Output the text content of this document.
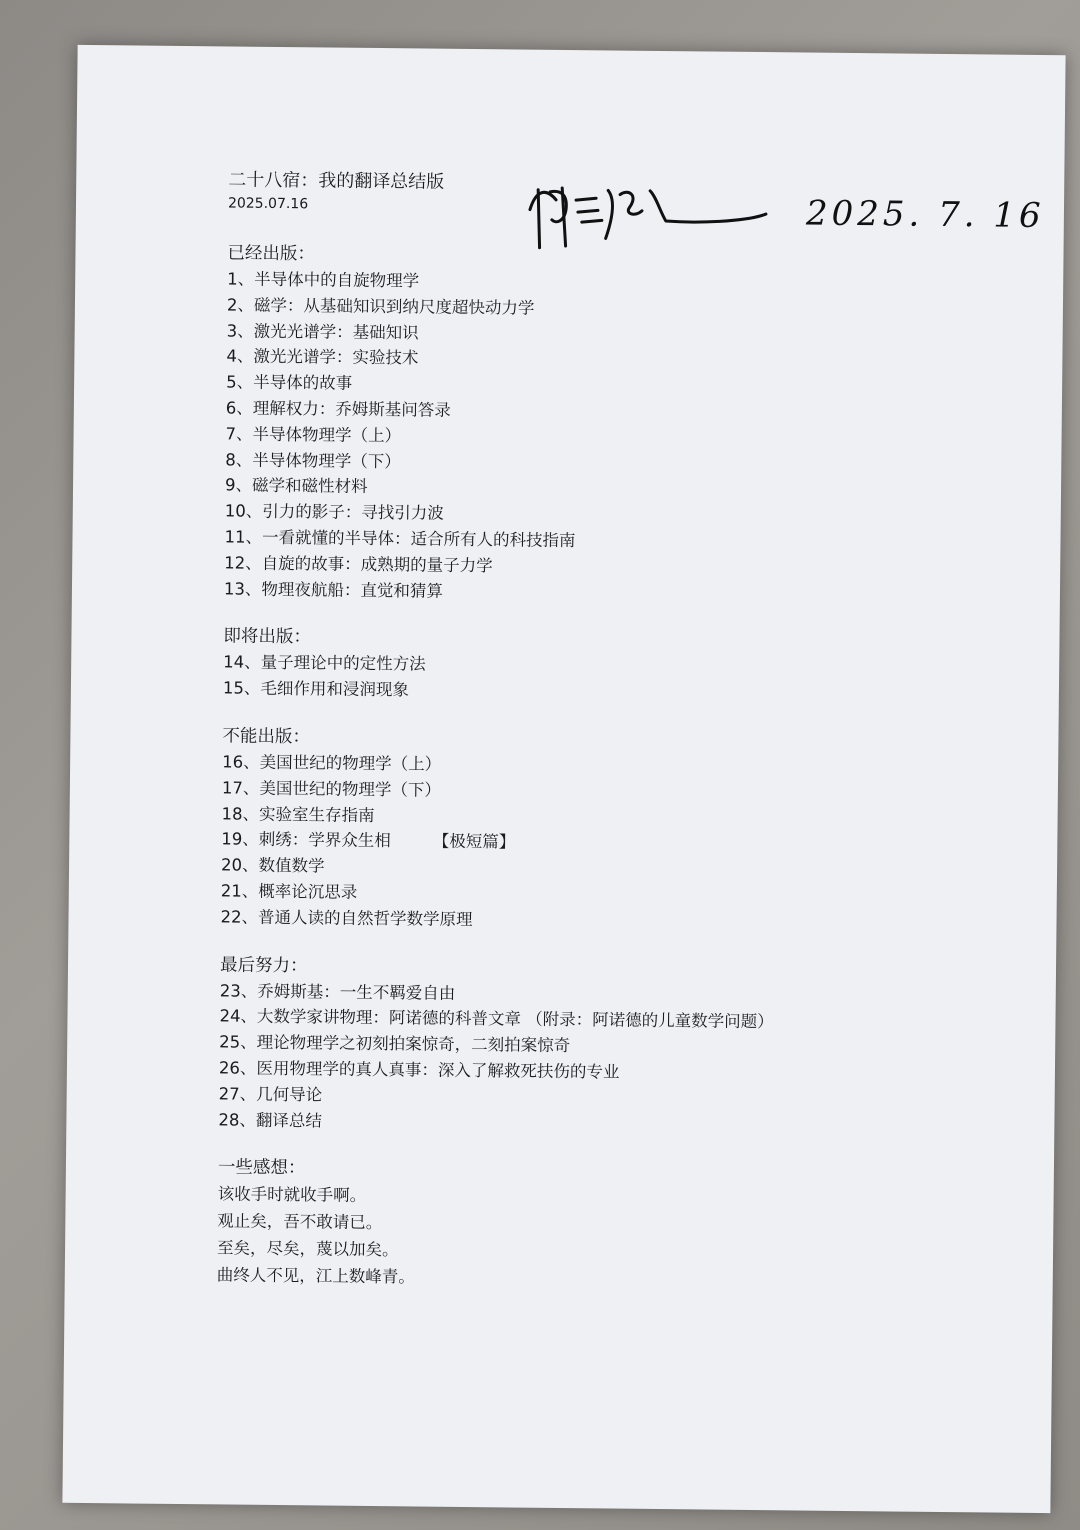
2025. 7. 16
二十八宿：我的翻译总结版
2025.07.16
已经出版：
1、半导体中的自旋物理学
2、磁学：从基础知识到纳尺度超快动力学
3、激光光谱学：基础知识
4、激光光谱学：实验技术
5、半导体的故事
6、理解权力：乔姆斯基问答录
7、半导体物理学（上）
8、半导体物理学（下）
9、磁学和磁性材料
10、引力的影子：寻找引力波
11、一看就懂的半导体：适合所有人的科技指南
12、自旋的故事：成熟期的量子力学
13、物理夜航船：直觉和猜算
即将出版：
14、量子理论中的定性方法
15、毛细作用和浸润现象
不能出版：
16、美国世纪的物理学（上）
17、美国世纪的物理学（下）
18、实验室生存指南
19、刺绣：学界众生相	【极短篇】
20、数值数学
21、概率论沉思录
22、普通人读的自然哲学数学原理
最后努力：
23、乔姆斯基：一生不羁爱自由
24、大数学家讲物理：阿诺德的科普文章 （附录：阿诺德的儿童数学问题）
25、理论物理学之初刻拍案惊奇，二刻拍案惊奇
26、医用物理学的真人真事：深入了解救死扶伤的专业
27、几何导论
28、翻译总结
一些感想：

该收手时就收手啊。

观止矣，吾不敢请已。

至矣，尽矣，蔑以加矣。

曲终人不见，江上数峰青。
